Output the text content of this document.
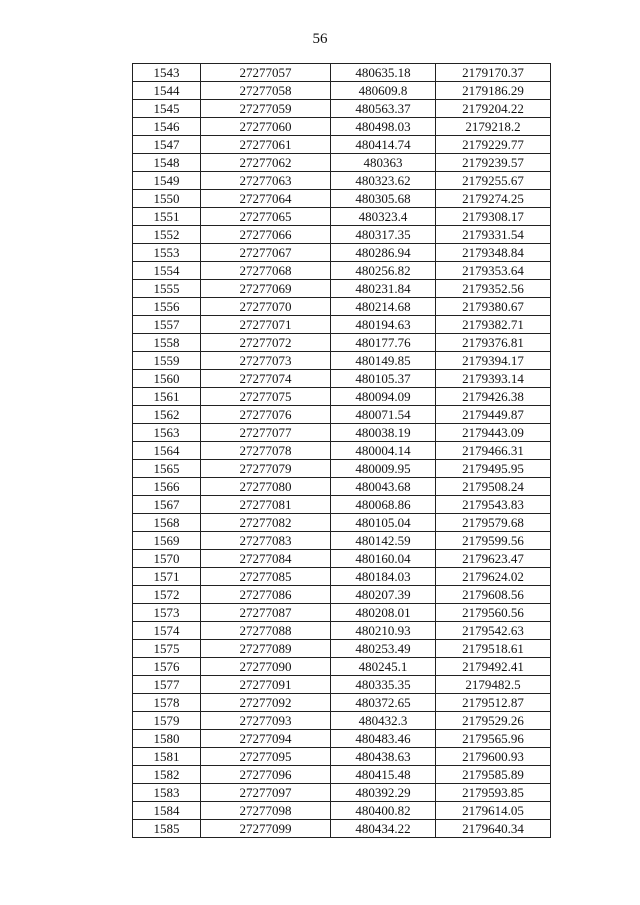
56
1543	27277057	480635.18	2179170.37
1544	27277058	480609.8	2179186.29
1545	27277059	480563.37	2179204.22
1546	27277060	480498.03	2179218.2
1547	27277061	480414.74	2179229.77
1548	27277062	480363	2179239.57
1549	27277063	480323.62	2179255.67
1550	27277064	480305.68	2179274.25
1551	27277065	480323.4	2179308.17
1552	27277066	480317.35	2179331.54
1553	27277067	480286.94	2179348.84
1554	27277068	480256.82	2179353.64
1555	27277069	480231.84	2179352.56
1556	27277070	480214.68	2179380.67
1557	27277071	480194.63	2179382.71
1558	27277072	480177.76	2179376.81
1559	27277073	480149.85	2179394.17
1560	27277074	480105.37	2179393.14
1561	27277075	480094.09	2179426.38
1562	27277076	480071.54	2179449.87
1563	27277077	480038.19	2179443.09
1564	27277078	480004.14	2179466.31
1565	27277079	480009.95	2179495.95
1566	27277080	480043.68	2179508.24
1567	27277081	480068.86	2179543.83
1568	27277082	480105.04	2179579.68
1569	27277083	480142.59	2179599.56
1570	27277084	480160.04	2179623.47
1571	27277085	480184.03	2179624.02
1572	27277086	480207.39	2179608.56
1573	27277087	480208.01	2179560.56
1574	27277088	480210.93	2179542.63
1575	27277089	480253.49	2179518.61
1576	27277090	480245.1	2179492.41
1577	27277091	480335.35	2179482.5
1578	27277092	480372.65	2179512.87
1579	27277093	480432.3	2179529.26
1580	27277094	480483.46	2179565.96
1581	27277095	480438.63	2179600.93
1582	27277096	480415.48	2179585.89
1583	27277097	480392.29	2179593.85
1584	27277098	480400.82	2179614.05
1585	27277099	480434.22	2179640.34
